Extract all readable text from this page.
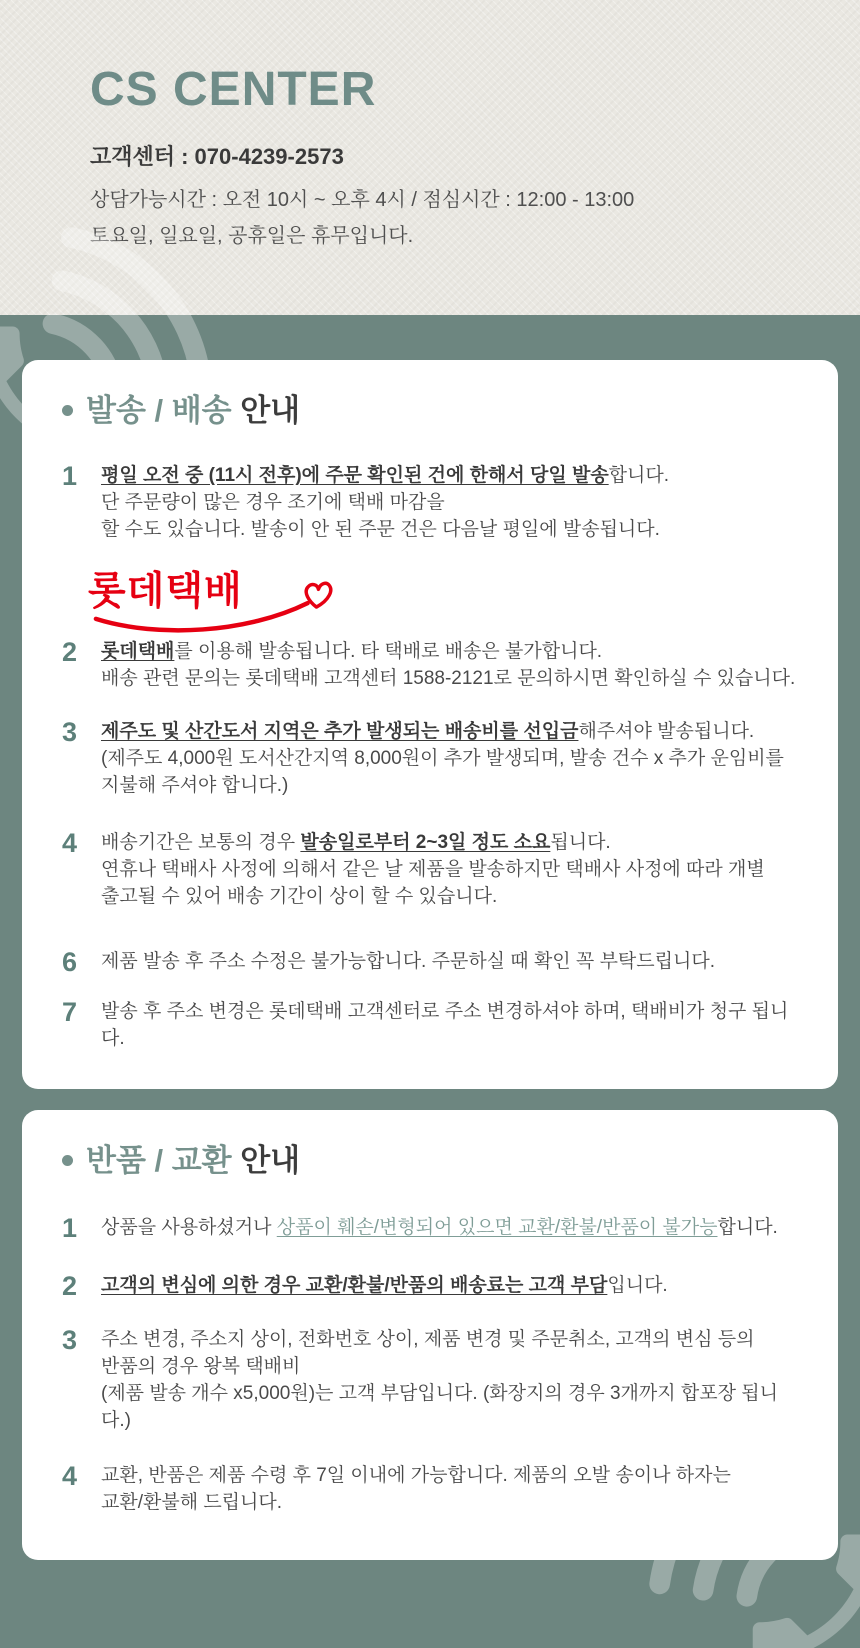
CS CENTER
고객센터 : 070-4239-2573
상담가능시간 : 오전 10시 ~ 오후 4시 / 점심시간 : 12:00 - 13:00
토요일, 일요일, 공휴일은 휴무입니다.
발송 / 배송 안내
1	평일 오전 중 (11시 전후)에 주문 확인된 건에 한해서 당일 발송합니다.
단 주문량이 많은 경우 조기에 택배 마감을
할 수도 있습니다. 발송이 안 된 주문 건은 다음날 평일에 발송됩니다.
롯데택배
2	롯데택배를 이용해 발송됩니다. 타 택배로 배송은 불가합니다.
배송 관련 문의는 롯데택배 고객센터 1588-2121로 문의하시면 확인하실 수 있습니다.
3	제주도 및 산간도서 지역은 추가 발생되는 배송비를 선입금해주셔야 발송됩니다.
(제주도 4,000원 도서산간지역 8,000원이 추가 발생되며, 발송 건수 x 추가 운임비를
지불해 주셔야 합니다.)
4	배송기간은 보통의 경우 발송일로부터 2~3일 정도 소요됩니다.
연휴나 택배사 사정에 의해서 같은 날 제품을 발송하지만 택배사 사정에 따라 개별
출고될 수 있어 배송 기간이 상이 할 수 있습니다.
6	제품 발송 후 주소 수정은 불가능합니다. 주문하실 때 확인 꼭 부탁드립니다.
7	발송 후 주소 변경은 롯데택배 고객센터로 주소 변경하셔야 하며, 택배비가 청구 됩니다.
반품 / 교환 안내
1	상품을 사용하셨거나 상품이 훼손/변형되어 있으면 교환/환불/반품이 불가능합니다.
2	고객의 변심에 의한 경우 교환/환불/반품의 배송료는 고객 부담입니다.
3	주소 변경, 주소지 상이, 전화번호 상이, 제품 변경 및 주문취소, 고객의 변심 등의
반품의 경우 왕복 택배비
(제품 발송 개수 x5,000원)는 고객 부담입니다. (화장지의 경우 3개까지 합포장 됩니다.)
4	교환, 반품은 제품 수령 후 7일 이내에 가능합니다. 제품의 오발 송이나 하자는
교환/환불해 드립니다.
